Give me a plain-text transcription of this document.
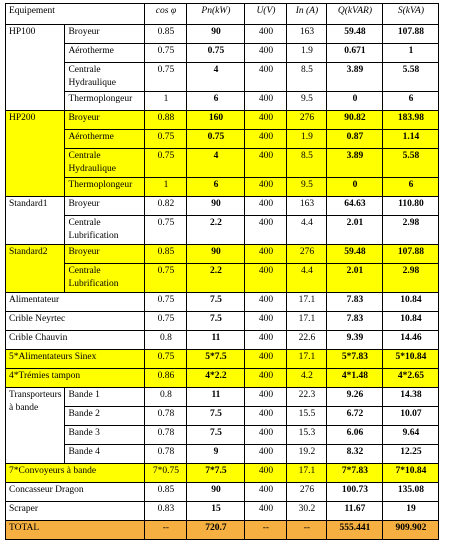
Equipement		cos φ	Pn(kW)	U(V)	In (A)	Q(kVAR)	S(kVA)
HP100	Broyeur	0.85	90	400	163	59.48	107.88
	Aérotherme	0.75	0.75	400	1.9	0.671	1
	Centrale Hydraulique	0.75	4	400	8.5	3.89	5.58
	Thermoplongeur	1	6	400	9.5	0	6
HP200	Broyeur	0.88	160	400	276	90.82	183.98
	Aérotherme	0.75	0.75	400	1.9	0.87	1.14
	Centrale Hydraulique	0.75	4	400	8.5	3.89	5.58
	Thermoplongeur	1	6	400	9.5	0	6
Standard1	Broyeur	0.82	90	400	163	64.63	110.80
	Centrale Lubrification	0.75	2.2	400	4.4	2.01	2.98
Standard2	Broyeur	0.85	90	400	276	59.48	107.88
	Centrale Lubrification	0.75	2.2	400	4.4	2.01	2.98
Alimentateur		0.75	7.5	400	17.1	7.83	10.84
Crible Neyrtec		0.75	7.5	400	17.1	7.83	10.84
Crible Chauvin		0.8	11	400	22.6	9.39	14.46
5*Alimentateurs Sinex		0.75	5*7.5	400	17.1	5*7.83	5*10.84
4*Trémies tampon		0.86	4*2.2	400	4.2	4*1.48	4*2.65
Transporteurs à bande	Bande 1	0.8	11	400	22.3	9.26	14.38
	Bande 2	0.78	7.5	400	15.5	6.72	10.07
	Bande 3	0.78	7.5	400	15.3	6.06	9.64
	Bande 4	0.78	9	400	19.2	8.32	12.25
7*Convoyeurs à bande		7*0.75	7*7.5	400	17.1	7*7.83	7*10.84
Concasseur Dragon		0.85	90	400	276	100.73	135.08
Scraper		0.83	15	400	30.2	11.67	19
TOTAL		--	720.7	--	--	555.441	909.902
